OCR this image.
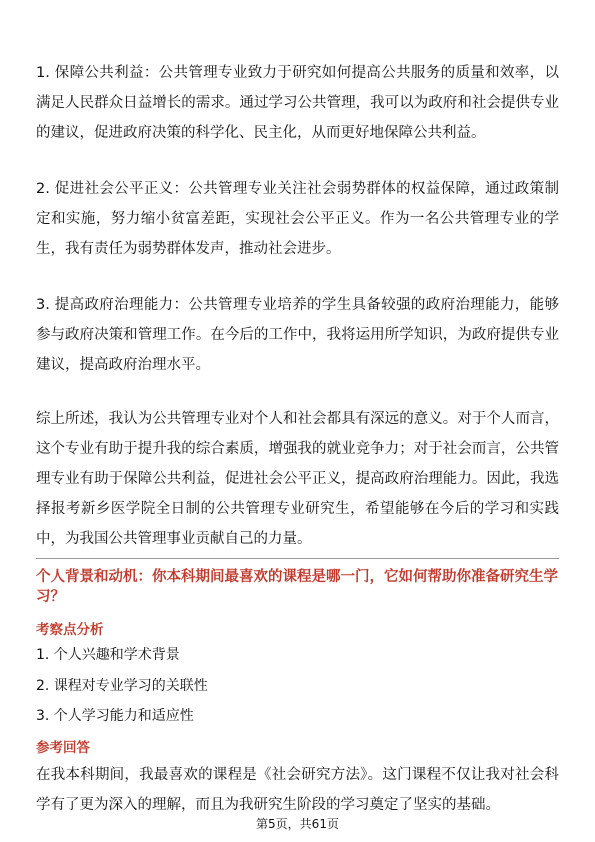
1. 保障公共利益：公共管理专业致力于研究如何提高公共服务的质量和效率，以满足人民群众日益增长的需求。通过学习公共管理，我可以为政府和社会提供专业的建议，促进政府决策的科学化、民主化，从而更好地保障公共利益。

2. 促进社会公平正义：公共管理专业关注社会弱势群体的权益保障，通过政策制定和实施，努力缩小贫富差距，实现社会公平正义。作为一名公共管理专业的学生，我有责任为弱势群体发声，推动社会进步。

3. 提高政府治理能力：公共管理专业培养的学生具备较强的政府治理能力，能够参与政府决策和管理工作。在今后的工作中，我将运用所学知识，为政府提供专业建议，提高政府治理水平。

综上所述，我认为公共管理专业对个人和社会都具有深远的意义。对于个人而言，这个专业有助于提升我的综合素质，增强我的就业竞争力；对于社会而言，公共管理专业有助于保障公共利益，促进社会公平正义，提高政府治理能力。因此，我选择报考新乡医学院全日制的公共管理专业研究生，希望能够在今后的学习和实践中，为我国公共管理事业贡献自己的力量。

个人背景和动机：你本科期间最喜欢的课程是哪一门，它如何帮助你准备研究生学习？

考察点分析

1. 个人兴趣和学术背景

2. 课程对专业学习的关联性

3. 个人学习能力和适应性

参考回答

在我本科期间，我最喜欢的课程是《社会研究方法》。这门课程不仅让我对社会科学有了更为深入的理解，而且为我研究生阶段的学习奠定了坚实的基础。

第5页，共61页
